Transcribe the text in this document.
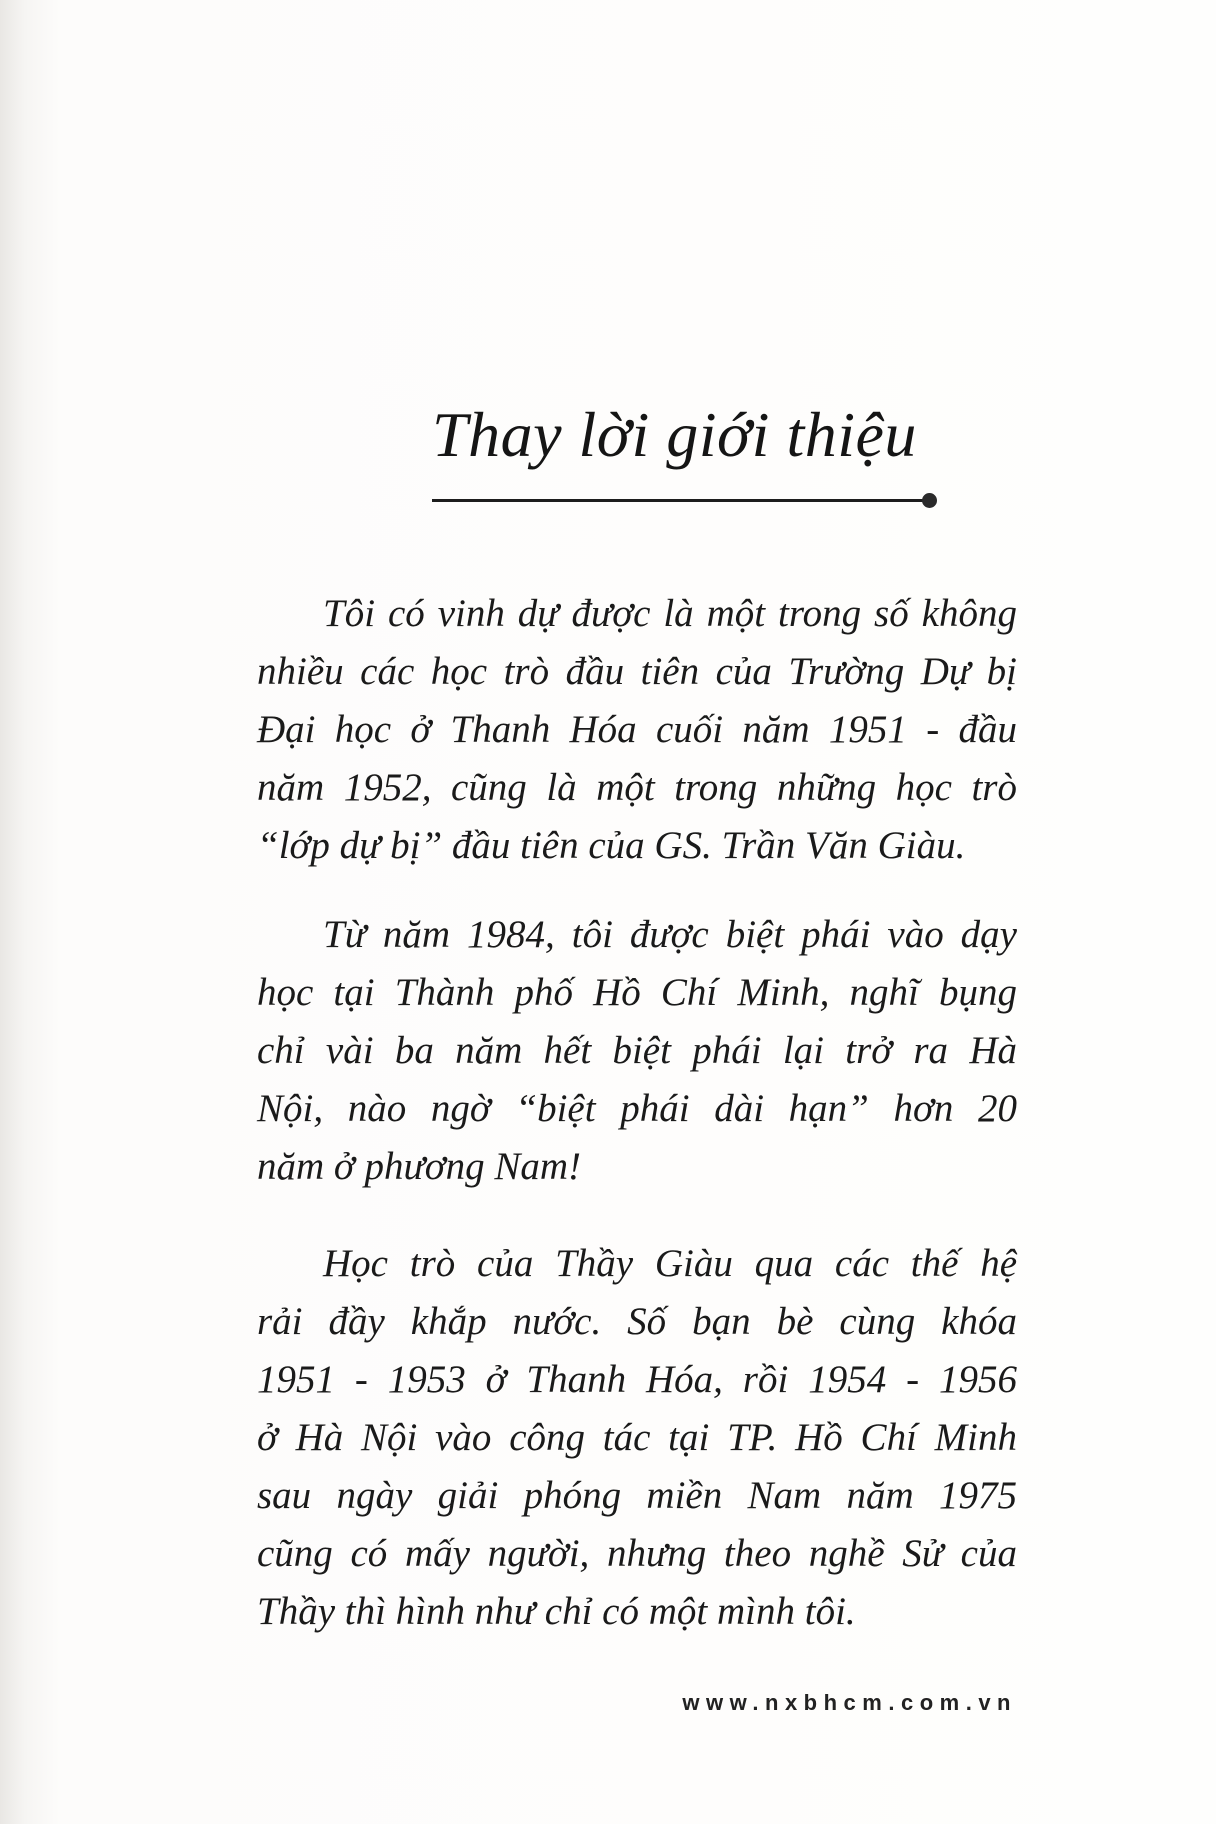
Thay lời giới thiệu
Tôi có vinh dự được là một trong số không
nhiều các học trò đầu tiên của Trường Dự bị
Đại học ở Thanh Hóa cuối năm 1951 - đầu
năm 1952, cũng là một trong những học trò
“lớp dự bị” đầu tiên của GS. Trần Văn Giàu.
Từ năm 1984, tôi được biệt phái vào dạy
học tại Thành phố Hồ Chí Minh, nghĩ bụng
chỉ vài ba năm hết biệt phái lại trở ra Hà
Nội, nào ngờ “biệt phái dài hạn” hơn 20
năm ở phương Nam!
Học trò của Thầy Giàu qua các thế hệ
rải đầy khắp nước. Số bạn bè cùng khóa
1951 - 1953 ở Thanh Hóa, rồi 1954 - 1956
ở Hà Nội vào công tác tại TP. Hồ Chí Minh
sau ngày giải phóng miền Nam năm 1975
cũng có mấy người, nhưng theo nghề Sử của
Thầy thì hình như chỉ có một mình tôi.
www.nxbhcm.com.vn
